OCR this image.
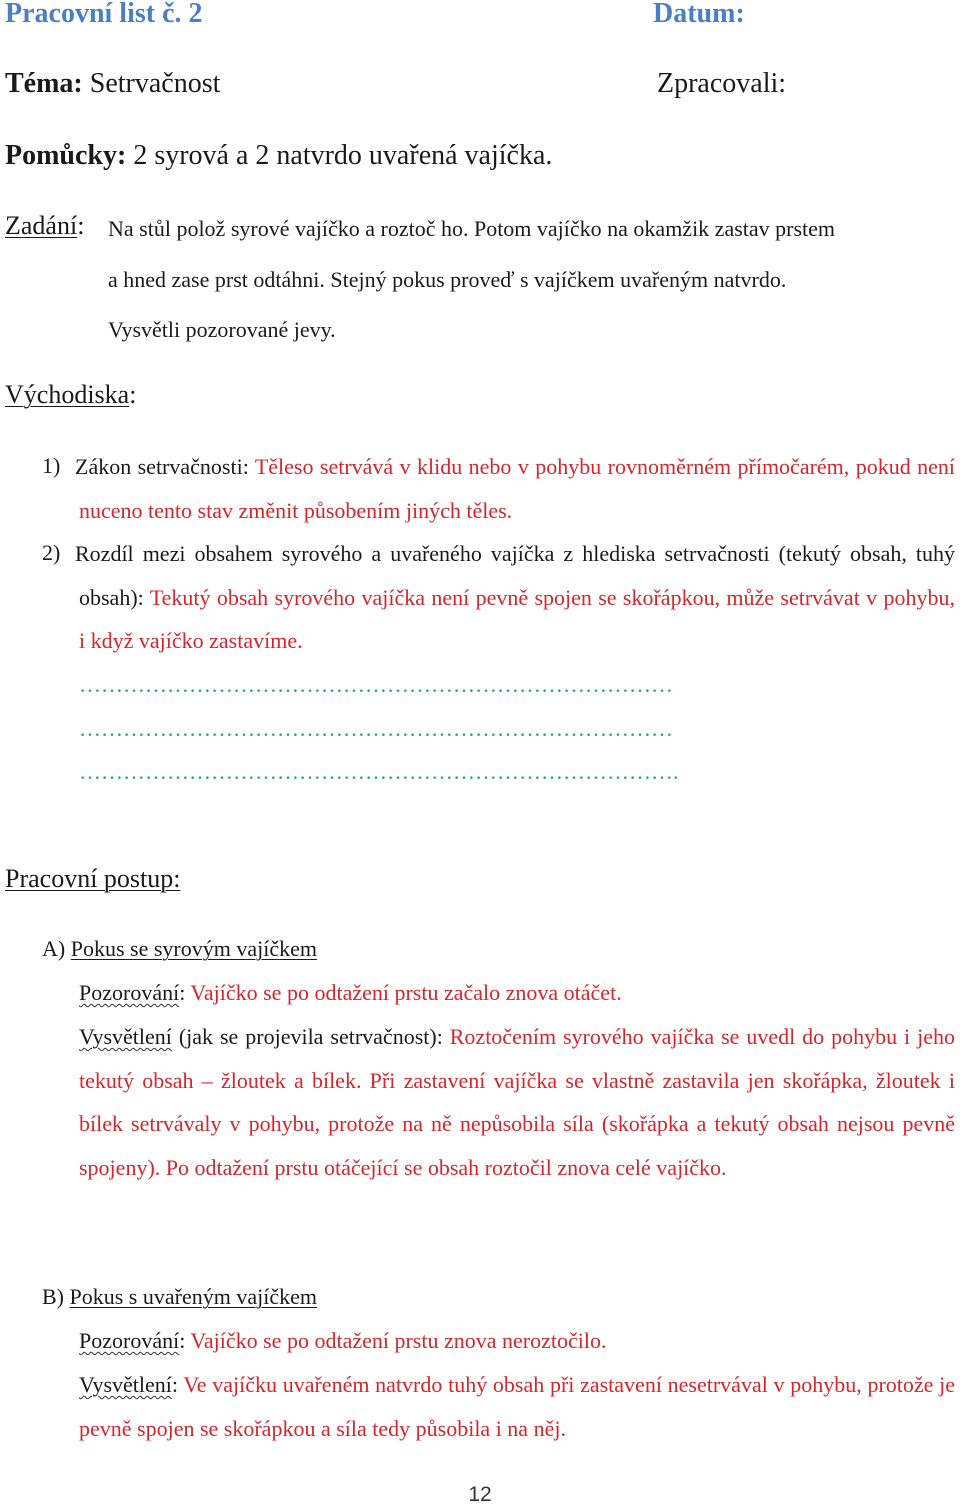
Pracovní list č. 2	Datum:
Téma: Setrvačnost	Zpracovali:
Pomůcky: 2 syrová a 2 natvrdo uvařená vajíčka.
Zadání: Na stůl polož syrové vajíčko a roztoč ho. Potom vajíčko na okamžik zastav prstem
a hned zase prst odtáhni. Stejný pokus proveď s vajíčkem uvařeným natvrdo.
Vysvětli pozorované jevy.
Východiska:
1) Zákon setrvačnosti: Těleso setrvává v klidu nebo v pohybu rovnoměrném přímočarém, pokud není nuceno tento stav změnit působením jiných těles.
2) Rozdíl mezi obsahem syrového a uvařeného vajíčka z hlediska setrvačnosti (tekutý obsah, tuhý obsah): Tekutý obsah syrového vajíčka není pevně spojen se skořápkou, může setrvávat v pohybu, i když vajíčko zastavíme.
………………………………………………………………………
………………………………………………………………………
……………………………………………………………………….
Pracovní postup:
A) Pokus se syrovým vajíčkem
Pozorování: Vajíčko se po odtažení prstu začalo znova otáčet.
Vysvětlení (jak se projevila setrvačnost): Roztočením syrového vajíčka se uvedl do pohybu i jeho tekutý obsah – žloutek a bílek. Při zastavení vajíčka se vlastně zastavila jen skořápka, žloutek i bílek setrvávaly v pohybu, protože na ně nepůsobila síla (skořápka a tekutý obsah nejsou pevně spojeny). Po odtažení prstu otáčející se obsah roztočil znova celé vajíčko.
B) Pokus s uvařeným vajíčkem
Pozorování: Vajíčko se po odtažení prstu znova neroztočilo.
Vysvětlení: Ve vajíčku uvařeném natvrdo tuhý obsah při zastavení nesetrvával v pohybu, protože je pevně spojen se skořápkou a síla tedy působila i na něj.
12
